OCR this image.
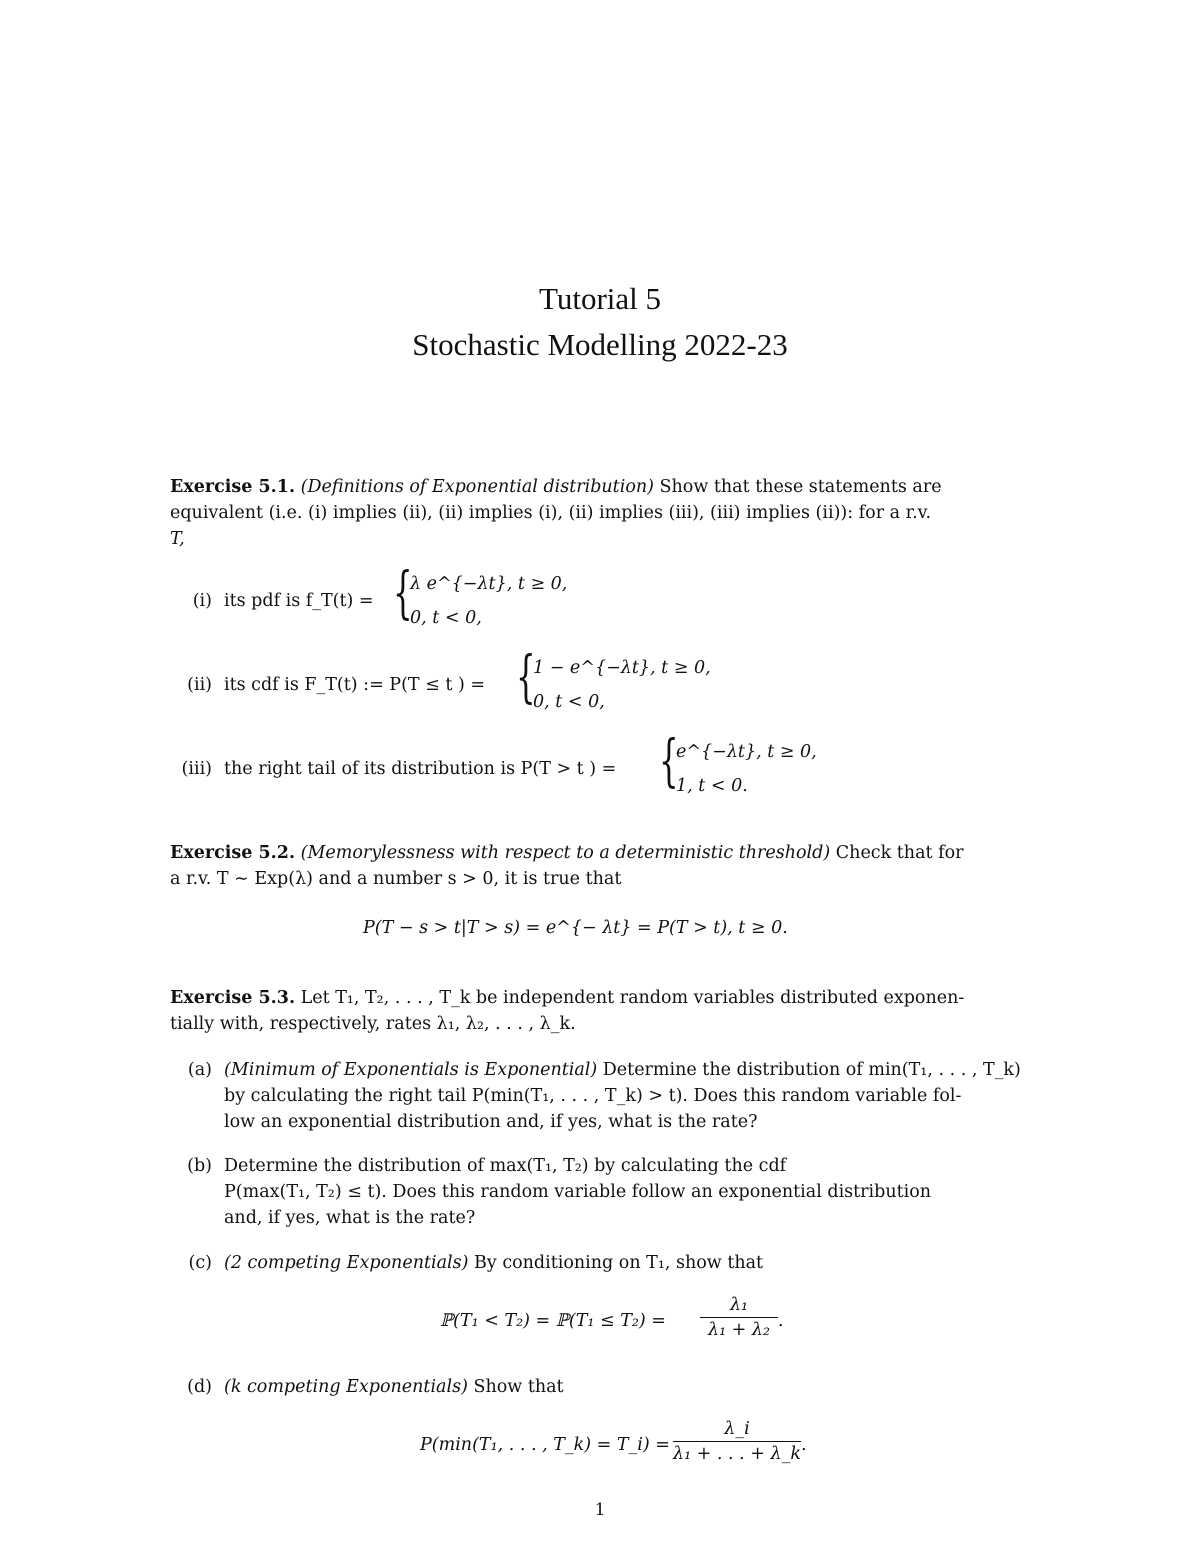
Tutorial 5
Stochastic Modelling 2022-23
Exercise 5.1. (Definitions of Exponential distribution) Show that these statements are
equivalent (i.e. (i) implies (ii), (ii) implies (i), (ii) implies (iii), (iii) implies (ii)): for a r.v.
T,
(i) its pdf is f_T(t) = {
λ e^{−λt}, t ≥ 0,
0, t < 0,
(ii) its cdf is F_T(t) := P(T ≤ t ) = {
1 − e^{−λt}, t ≥ 0,
0, t < 0,
(iii) the right tail of its distribution is P(T > t ) = {
e^{−λt}, t ≥ 0,
1, t < 0.
Exercise 5.2. (Memorylessness with respect to a deterministic threshold) Check that for
a r.v. T ∼ Exp(λ) and a number s > 0, it is true that
P(T − s > t|T > s) = e^{− λt} = P(T > t), t ≥ 0.
Exercise 5.3. Let T₁, T₂, . . . , T_k be independent random variables distributed exponen-
tially with, respectively, rates λ₁, λ₂, . . . , λ_k.
(a) (Minimum of Exponentials is Exponential) Determine the distribution of min(T₁, . . . , T_k)
by calculating the right tail P(min(T₁, . . . , T_k) > t). Does this random variable fol-
low an exponential distribution and, if yes, what is the rate?
(b) Determine the distribution of max(T₁, T₂) by calculating the cdf
P(max(T₁, T₂) ≤ t). Does this random variable follow an exponential distribution
and, if yes, what is the rate?
(c) (2 competing Exponentials) By conditioning on T₁, show that
ℙ(T₁ < T₂) = ℙ(T₁ ≤ T₂) =
λ₁
λ₁ + λ₂ .
(d) (k competing Exponentials) Show that
P(min(T₁, . . . , T_k) = T_i) =
λ_i
λ₁ + . . . + λ_k .
1
